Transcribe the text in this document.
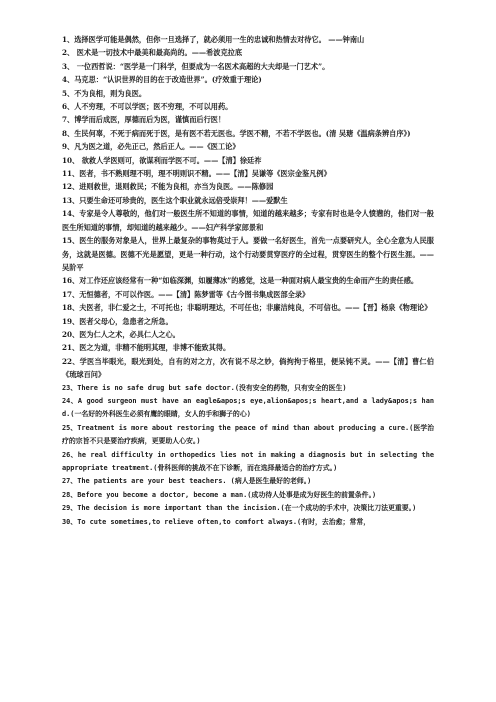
1、选择医学可能是偶然，但你一旦选择了，就必须用一生的忠诚和热情去对待它。 ——钟南山

2、 医术是一切技术中最美和最高尚的。——希波克拉底

3、 一位西哲说：“医学是一门科学，但要成为一名医术高超的大夫却是一门艺术”。

4、马克思：“认识世界的目的在于改造世界”。(疗效重于理论)

5、不为良相，则为良医。

6、人不穷理，不可以学医；医不穷理，不可以用药。

7、博学而后成医，厚德而后为医，谨慎而后行医！

8、生民何辜，不死于病而死于医，是有医不若无医也。学医不精，不若不学医也。(清 吴瑭《温病条辨自序》)

9、凡为医之道，必先正己，然后正人。——《医工论》

10、 欲救人学医则可，欲谋利而学医不可。——【清】徐廷祚

11、医者，书不熟则理不明，理不明则识不精。——【清】吴谦等《医宗金鉴凡例》

12、进则救世，退则救民；不能为良相，亦当为良医。——陈修园

13、只要生命还可珍贵的，医生这个职业就永远倍受崇拜！——爱默生

14、专家是令人尊敬的，他们对一般医生所不知道的事情，知道的越来越多；专家有时也是令人愤懑的，他们对一般医生所知道的事情，却知道的越来越少。——妇产科学家郎景和

15、医生的服务对象是人，世界上最复杂的事物莫过于人。要做一名好医生，首先一点要研究人，全心全意为人民服务，这就是医德。医德不光是愿望，更是一种行动，这个行动要贯穿医疗的全过程，贯穿医生的整个行医生涯。——吴阶平

16、对工作还应该经常有一种“如临深渊，如履薄冰”的感觉，这是一种面对病人最宝贵的生命而产生的责任感。

17、无恒德者，不可以作医。——【清】陈梦雷等《古今图书集成医部全录》

18、夫医者，非仁爱之士，不可托也；非聪明理达，不可任也；非廉洁纯良，不可信也。——【晋】杨泉《物理论》

19、医者父母心，急患者之所急。

20、医为仁人之术，必具仁人之心。

21、医之为道，非精不能明其理，非博不能致其得。

22、学医当毕眼光，眼光到处，自有的对之方，次有说不尽之妙，倘拘拘于格里，便呆钝不灵。——【清】曹仁伯《琉球百问》

23、There is no safe drug but safe doctor.(没有安全的药物，只有安全的医生)

24、A good surgeon must have an eagle&apos;s eye,alion&apos;s heart,and a lady&apos;s hand.(一名好的外科医生必须有鹰的眼睛，女人的手和狮子的心)

25、Treatment is more about restoring the peace of mind than about producing a cure.(医学治疗的宗旨不只是要治疗疾病，更要助人心安。)

26、he real difficulty in orthopedics lies not in making a diagnosis but in selecting the appropriate treatment.(骨科医师的挑战不在下诊断，而在选择最适合的治疗方式。)

27、The patients are your best teachers. (病人是医生最好的老师。)

28、Before you become a doctor, become a man.(成功待人处事是成为好医生的前置条件。)

29、The decision is more important than the incision.(在一个成功的手术中，决策比刀法更重要。)

30、To cute sometimes,to relieve often,to comfort always.(有时，去治愈；常常，
